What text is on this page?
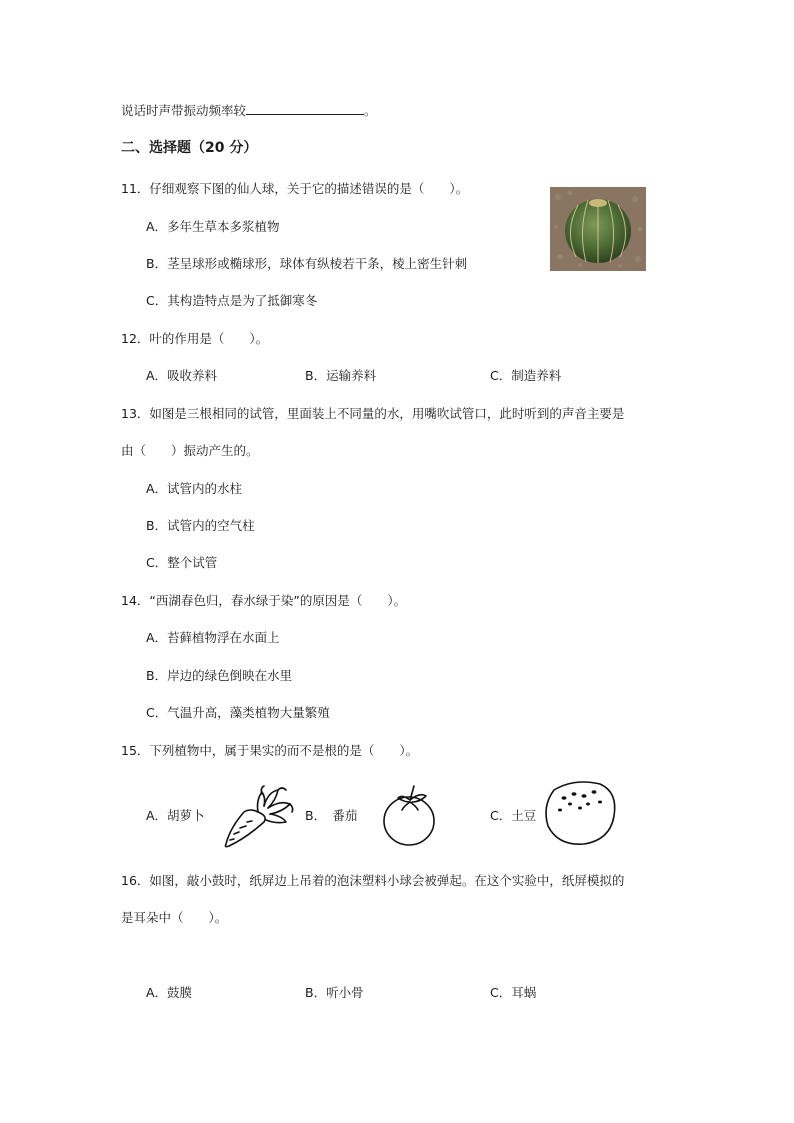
说话时声带振动频率较	。
二、选择题（20 分）
11．仔细观察下图的仙人球，关于它的描述错误的是（　　）。
A．多年生草本多浆植物
B．茎呈球形或椭球形，球体有纵棱若干条，棱上密生针刺
C．其构造特点是为了抵御寒冬
12．叶的作用是（　　）。
A．吸收养料	B．运输养料	C．制造养料
13．如图是三根相同的试管，里面装上不同量的水，用嘴吹试管口，此时听到的声音主要是
由（　　）振动产生的。
A．试管内的水柱
B．试管内的空气柱
C．整个试管
14．“西湖春色归，春水绿于染”的原因是（　　）。
A．苔藓植物浮在水面上
B．岸边的绿色倒映在水里
C．气温升高，藻类植物大量繁殖
15．下列植物中，属于果实的而不是根的是（　　）。
A．胡萝卜	B．　番茄	C．土豆
16．如图，敲小鼓时，纸屏边上吊着的泡沫塑料小球会被弹起。在这个实验中，纸屏模拟的
是耳朵中（　　）。
A．鼓膜	B．听小骨	C．耳蜗
